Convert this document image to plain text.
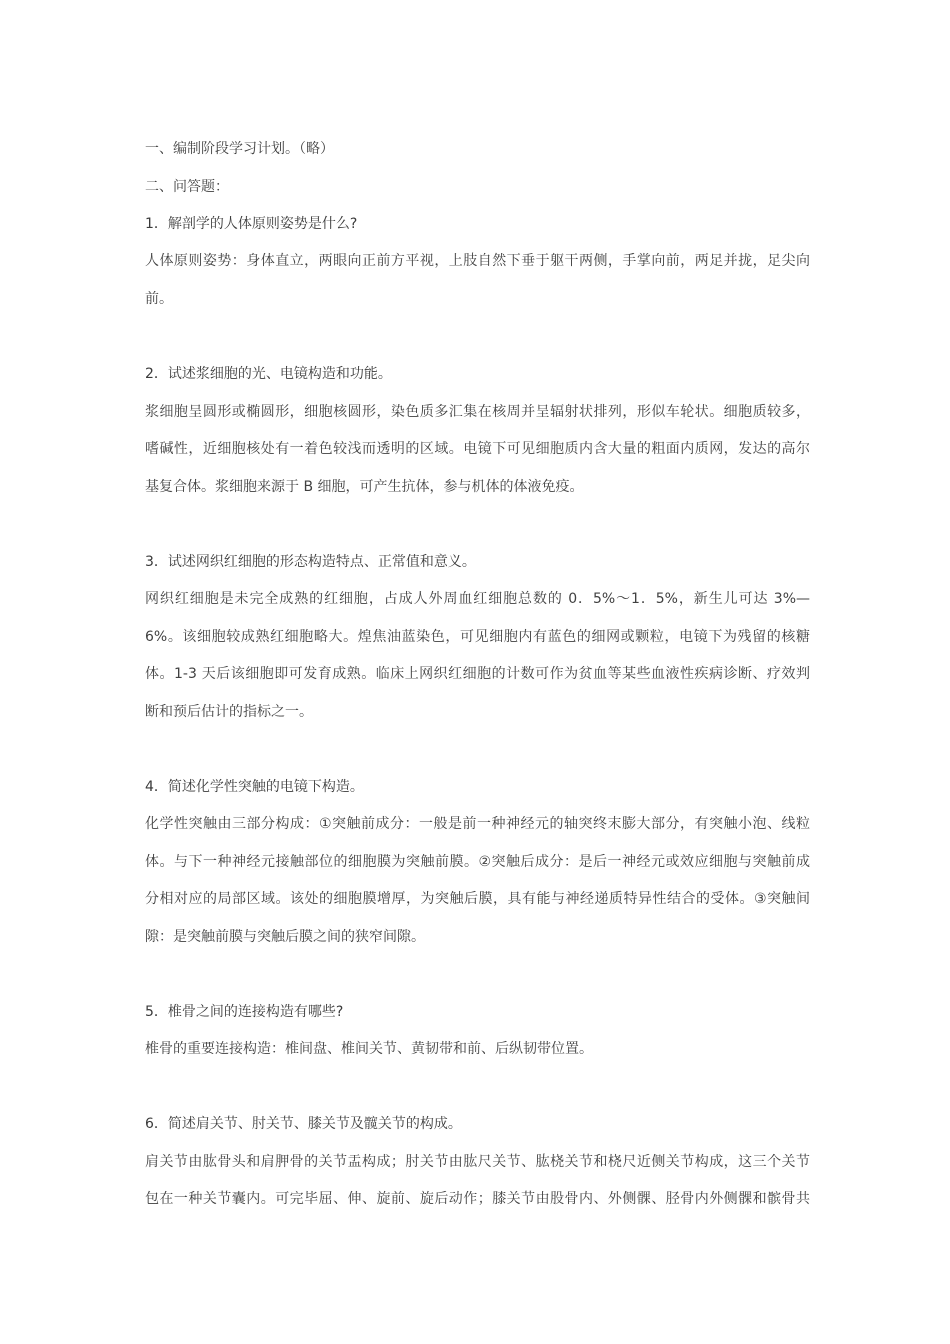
一、编制阶段学习计划。（略）
二、问答题：
1．解剖学的人体原则姿势是什么?
人体原则姿势：身体直立，两眼向正前方平视，上肢自然下垂于躯干两侧，手掌向前，两足并拢，足尖向
前。
2．试述浆细胞的光、电镜构造和功能。
浆细胞呈圆形或椭圆形，细胞核圆形，染色质多汇集在核周并呈辐射状排列，形似车轮状。细胞质较多，
嗜碱性，近细胞核处有一着色较浅而透明的区域。电镜下可见细胞质内含大量的粗面内质网，发达的高尔
基复合体。浆细胞来源于 B 细胞，可产生抗体，参与机体的体液免疫。
3．试述网织红细胞的形态构造特点、正常值和意义。
网织红细胞是未完全成熟的红细胞，占成人外周血红细胞总数的 0．5%～1．5%，新生儿可达 3%—
6%。该细胞较成熟红细胞略大。煌焦油蓝染色，可见细胞内有蓝色的细网或颗粒，电镜下为残留的核糖
体。1-3 天后该细胞即可发育成熟。临床上网织红细胞的计数可作为贫血等某些血液性疾病诊断、疗效判
断和预后估计的指标之一。
4．简述化学性突触的电镜下构造。
化学性突触由三部分构成：①突触前成分：一般是前一种神经元的轴突终末膨大部分，有突触小泡、线粒
体。与下一种神经元接触部位的细胞膜为突触前膜。②突触后成分：是后一神经元或效应细胞与突触前成
分相对应的局部区域。该处的细胞膜增厚，为突触后膜，具有能与神经递质特异性结合的受体。③突触间
隙：是突触前膜与突触后膜之间的狭窄间隙。
5．椎骨之间的连接构造有哪些?
椎骨的重要连接构造：椎间盘、椎间关节、黄韧带和前、后纵韧带位置。
6．简述肩关节、肘关节、膝关节及髋关节的构成。
肩关节由肱骨头和肩胛骨的关节盂构成；肘关节由肱尺关节、肱桡关节和桡尺近侧关节构成，这三个关节
包在一种关节囊内。可完毕屈、伸、旋前、旋后动作；膝关节由股骨内、外侧髁、胫骨内外侧髁和髌骨共
